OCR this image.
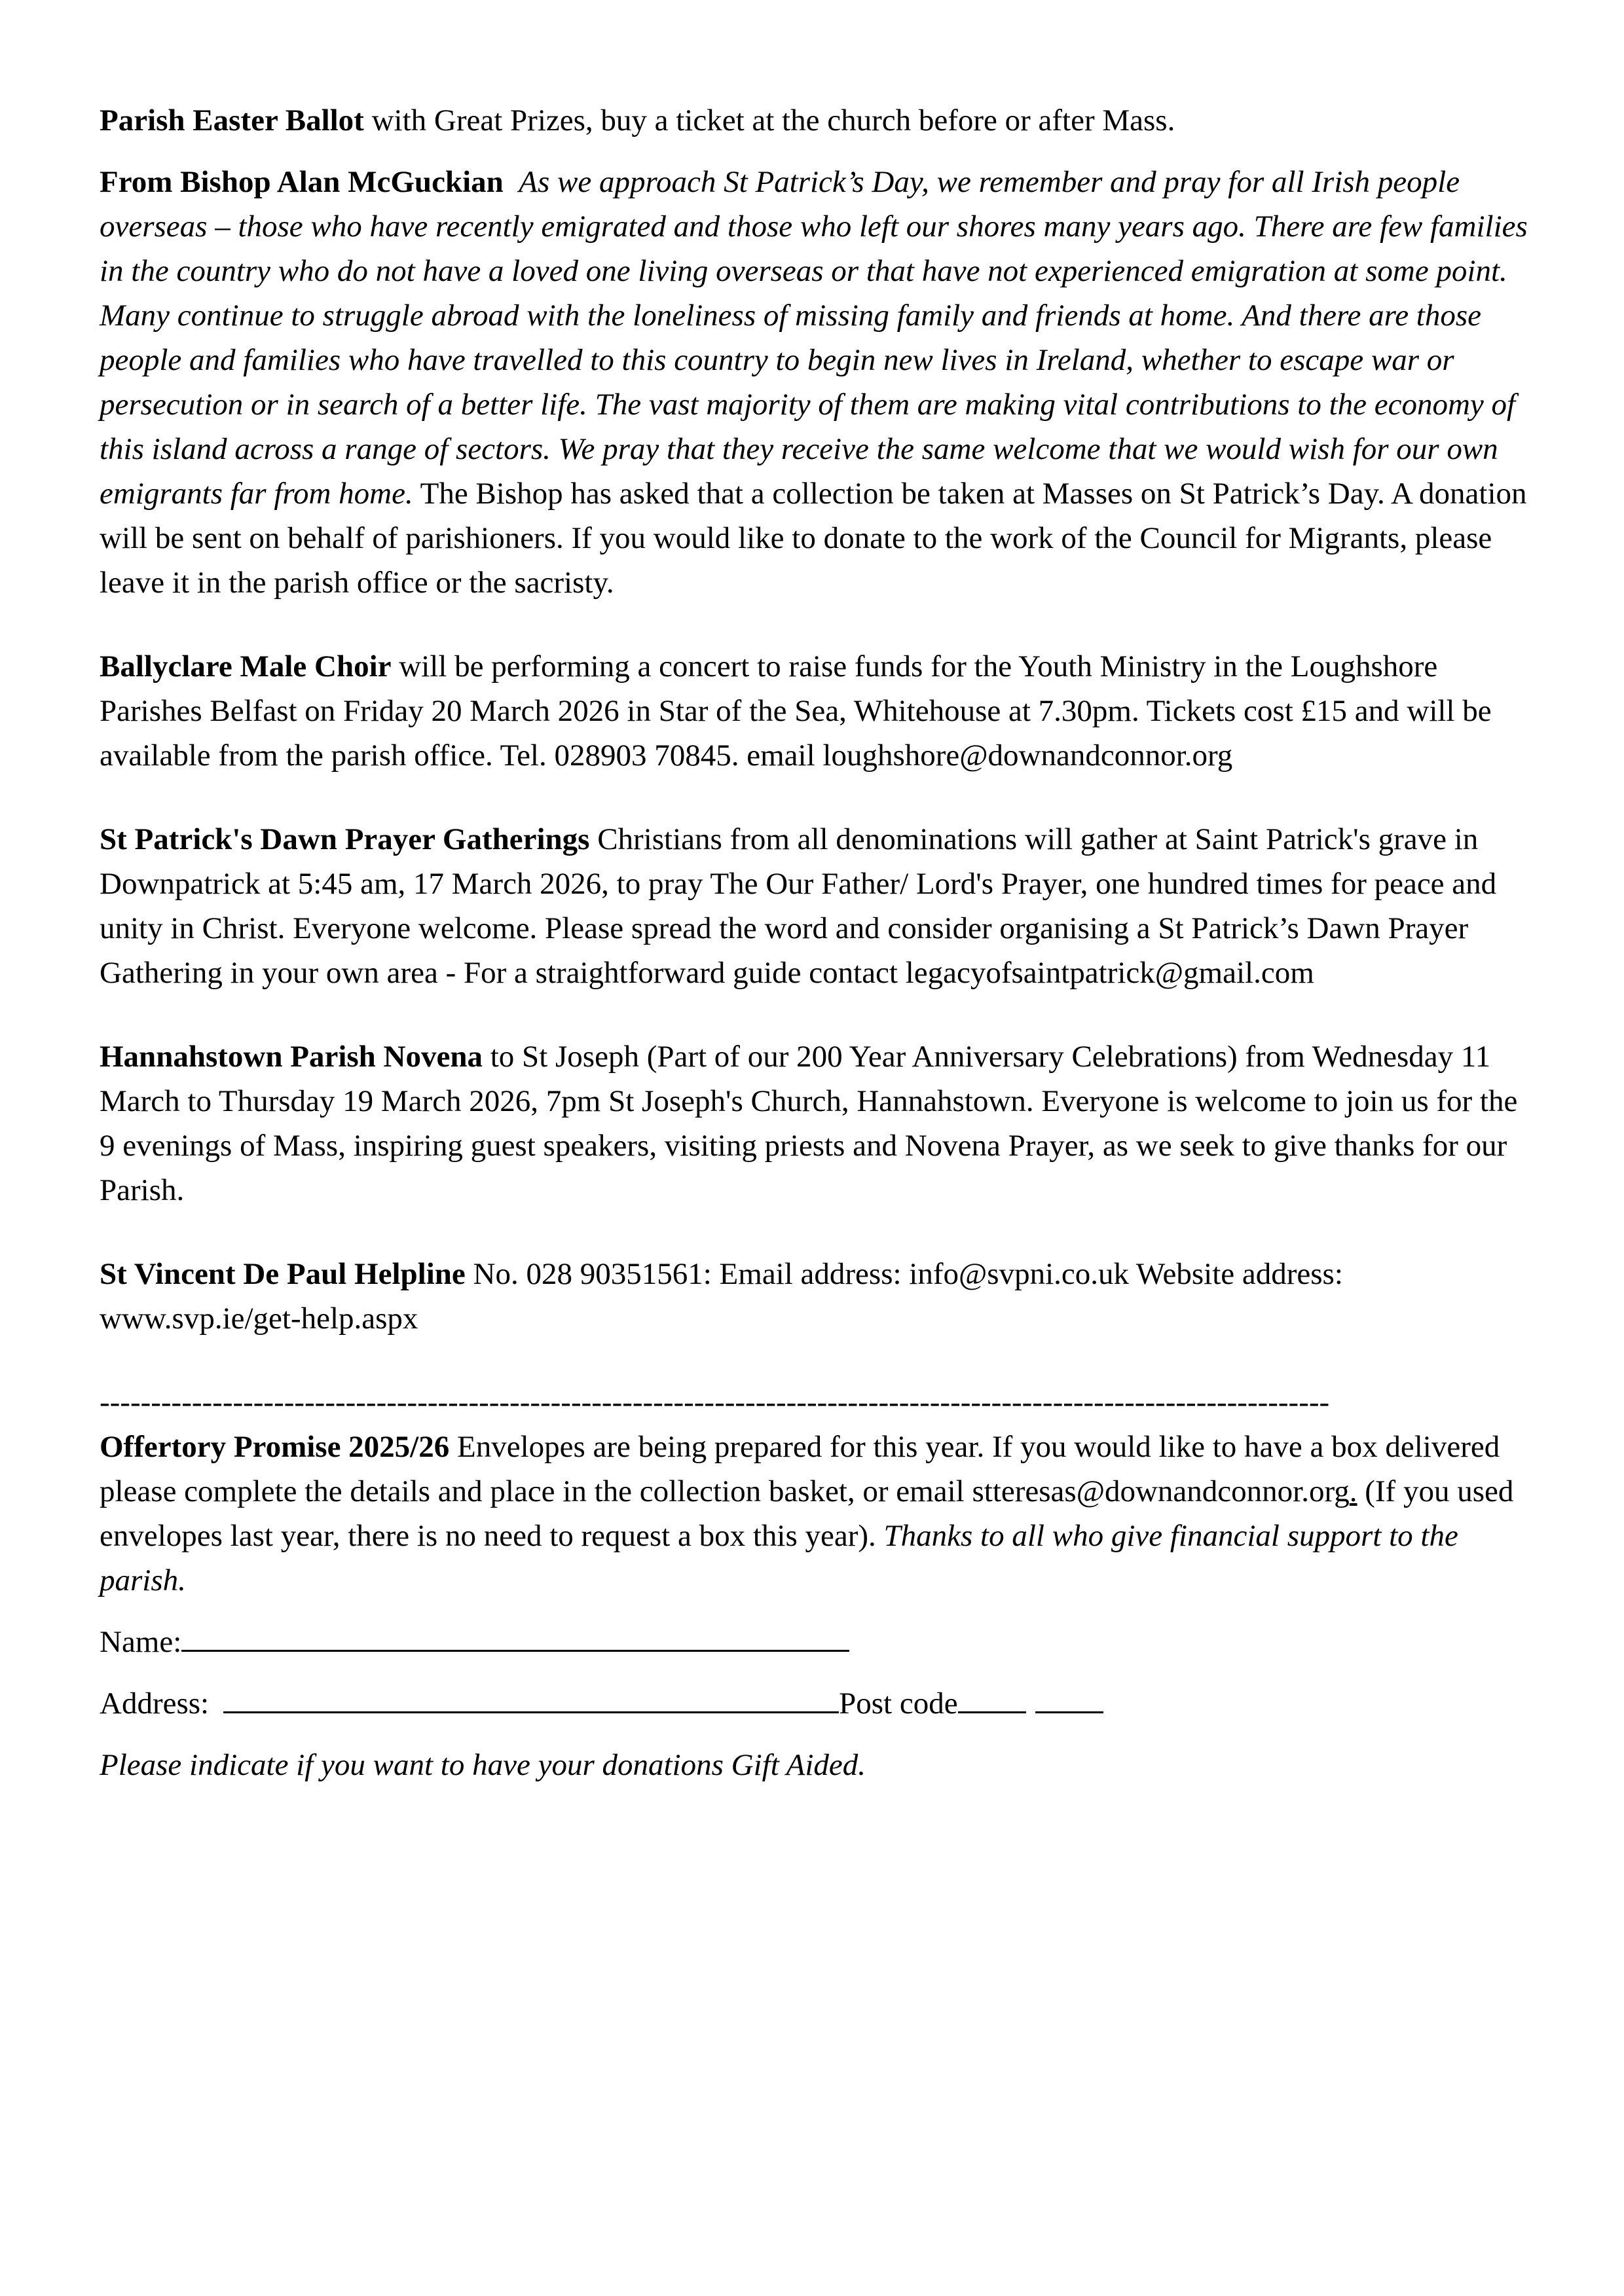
Parish Easter Ballot with Great Prizes, buy a ticket at the church before or after Mass.

From Bishop Alan McGuckian As we approach St Patrick’s Day, we remember and pray for all Irish people overseas – those who have recently emigrated and those who left our shores many years ago. There are few families in the country who do not have a loved one living overseas or that have not experienced emigration at some point. Many continue to struggle abroad with the loneliness of missing family and friends at home. And there are those people and families who have travelled to this country to begin new lives in Ireland, whether to escape war or persecution or in search of a better life. The vast majority of them are making vital contributions to the economy of this island across a range of sectors. We pray that they receive the same welcome that we would wish for our own emigrants far from home. The Bishop has asked that a collection be taken at Masses on St Patrick’s Day. A donation will be sent on behalf of parishioners. If you would like to donate to the work of the Council for Migrants, please leave it in the parish office or the sacristy.

Ballyclare Male Choir will be performing a concert to raise funds for the Youth Ministry in the Loughshore Parishes Belfast on Friday 20 March 2026 in Star of the Sea, Whitehouse at 7.30pm. Tickets cost £15 and will be available from the parish office. Tel. 028903 70845. email loughshore@downandconnor.org

St Patrick's Dawn Prayer Gatherings Christians from all denominations will gather at Saint Patrick's grave in Downpatrick at 5:45 am, 17 March 2026, to pray The Our Father/ Lord's Prayer, one hundred times for peace and unity in Christ. Everyone welcome. Please spread the word and consider organising a St Patrick’s Dawn Prayer Gathering in your own area - For a straightforward guide contact legacyofsaintpatrick@gmail.com

Hannahstown Parish Novena to St Joseph (Part of our 200 Year Anniversary Celebrations) from Wednesday 11 March to Thursday 19 March 2026, 7pm St Joseph's Church, Hannahstown. Everyone is welcome to join us for the 9 evenings of Mass, inspiring guest speakers, visiting priests and Novena Prayer, as we seek to give thanks for our Parish.

St Vincent De Paul Helpline No. 028 90351561: Email address: info@svpni.co.uk Website address:
www.svp.ie/get-help.aspx

------------------------------------------------------------------------------------------------------------------------

Offertory Promise 2025/26 Envelopes are being prepared for this year. If you would like to have a box delivered please complete the details and place in the collection basket, or email stteresas@downandconnor.org. (If you used envelopes last year, there is no need to request a box this year). Thanks to all who give financial support to the parish.

Name:
Address:	Post code

Please indicate if you want to have your donations Gift Aided.
